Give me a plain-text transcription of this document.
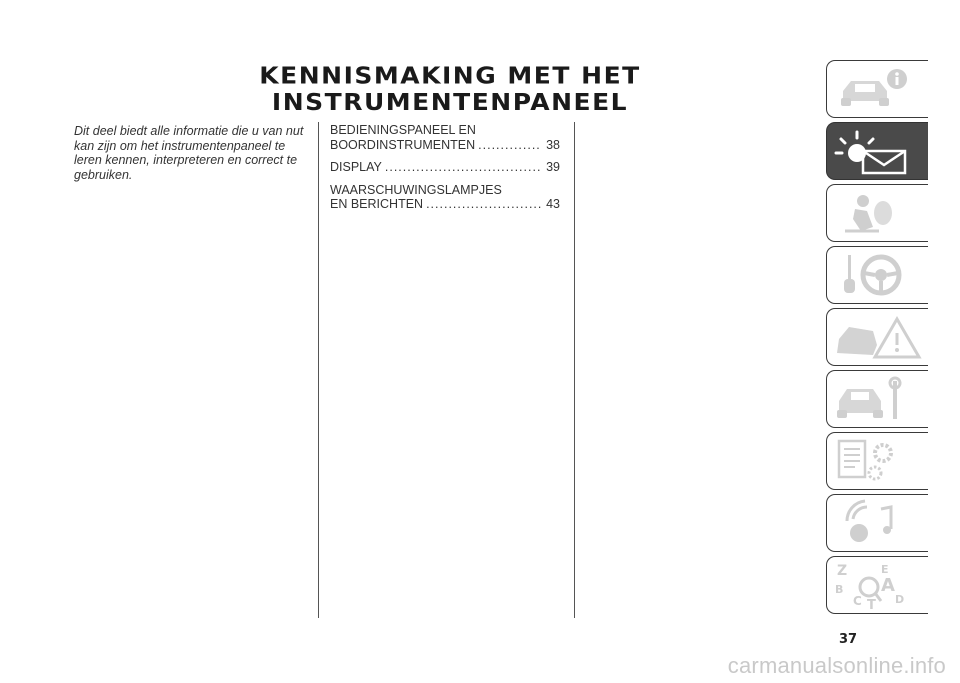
KENNISMAKING MET HET
INSTRUMENTENPANEEL

Dit deel biedt alle informatie die u van nut kan zijn om het instrumentenpaneel te leren kennen, interpreteren en correct te gebruiken.

BEDIENINGSPANEEL EN
BOORDINSTRUMENTEN .....	38
DISPLAY .....	39
WAARSCHUWINGSLAMPJES
EN BERICHTEN .....	43
Z	E
B A
C	D
T
37
carmanualsonline.info
